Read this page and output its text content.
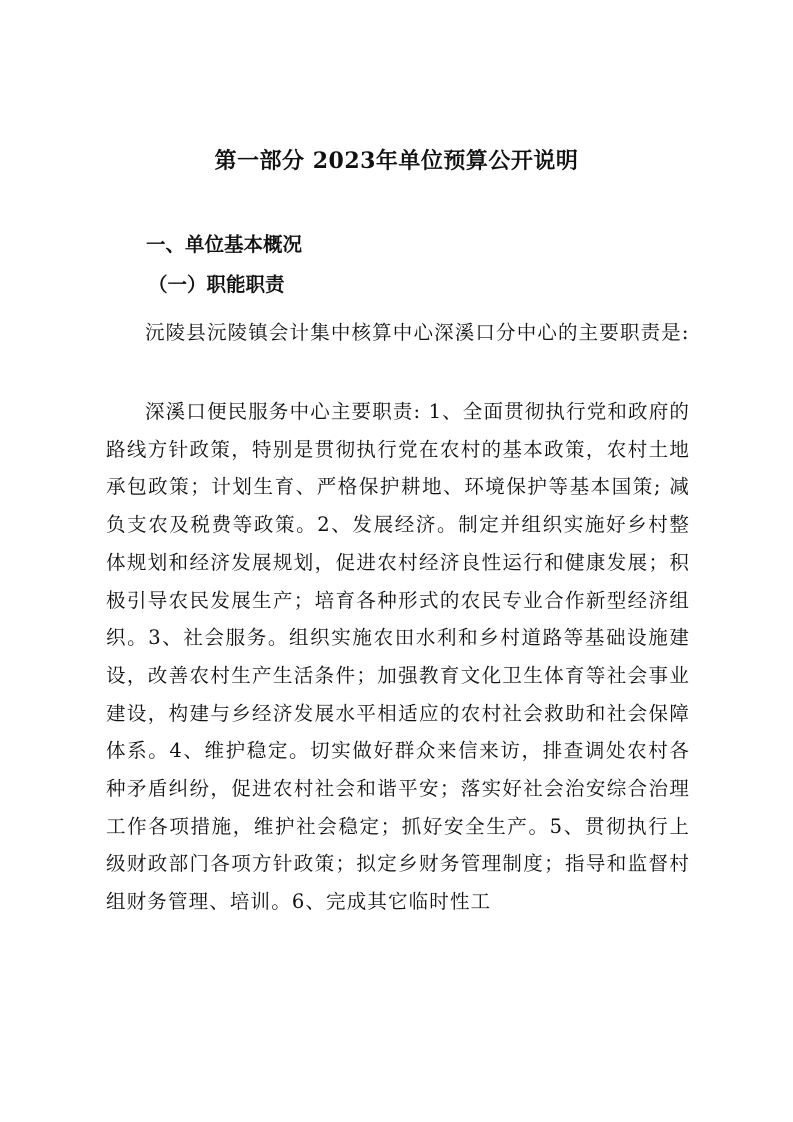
第一部分 2023年单位预算公开说明
一、单位基本概况
（一）职能职责

沅陵县沅陵镇会计集中核算中心深溪口分中心的主要职责是:

深溪口便民服务中心主要职责: 1、全面贯彻执行党和政府的路线方针政策，特别是贯彻执行党在农村的基本政策，农村土地承包政策；计划生育、严格保护耕地、环境保护等基本国策; 减负支农及税费等政策。2、发展经济。制定并组织实施好乡村整体规划和经济发展规划，促进农村经济良性运行和健康发展；积极引导农民发展生产；培育各种形式的农民专业合作新型经济组织。3、社会服务。组织实施农田水利和乡村道路等基础设施建设，改善农村生产生活条件；加强教育文化卫生体育等社会事业建设，构建与乡经济发展水平相适应的农村社会救助和社会保障体系。4、维护稳定。切实做好群众来信来访，排查调处农村各种矛盾纠纷，促进农村社会和谐平安；落实好社会治安综合治理工作各项措施，维护社会稳定；抓好安全生产。5、贯彻执行上级财政部门各项方针政策；拟定乡财务管理制度；指导和监督村组财务管理、培训。6、完成其它临时性工
